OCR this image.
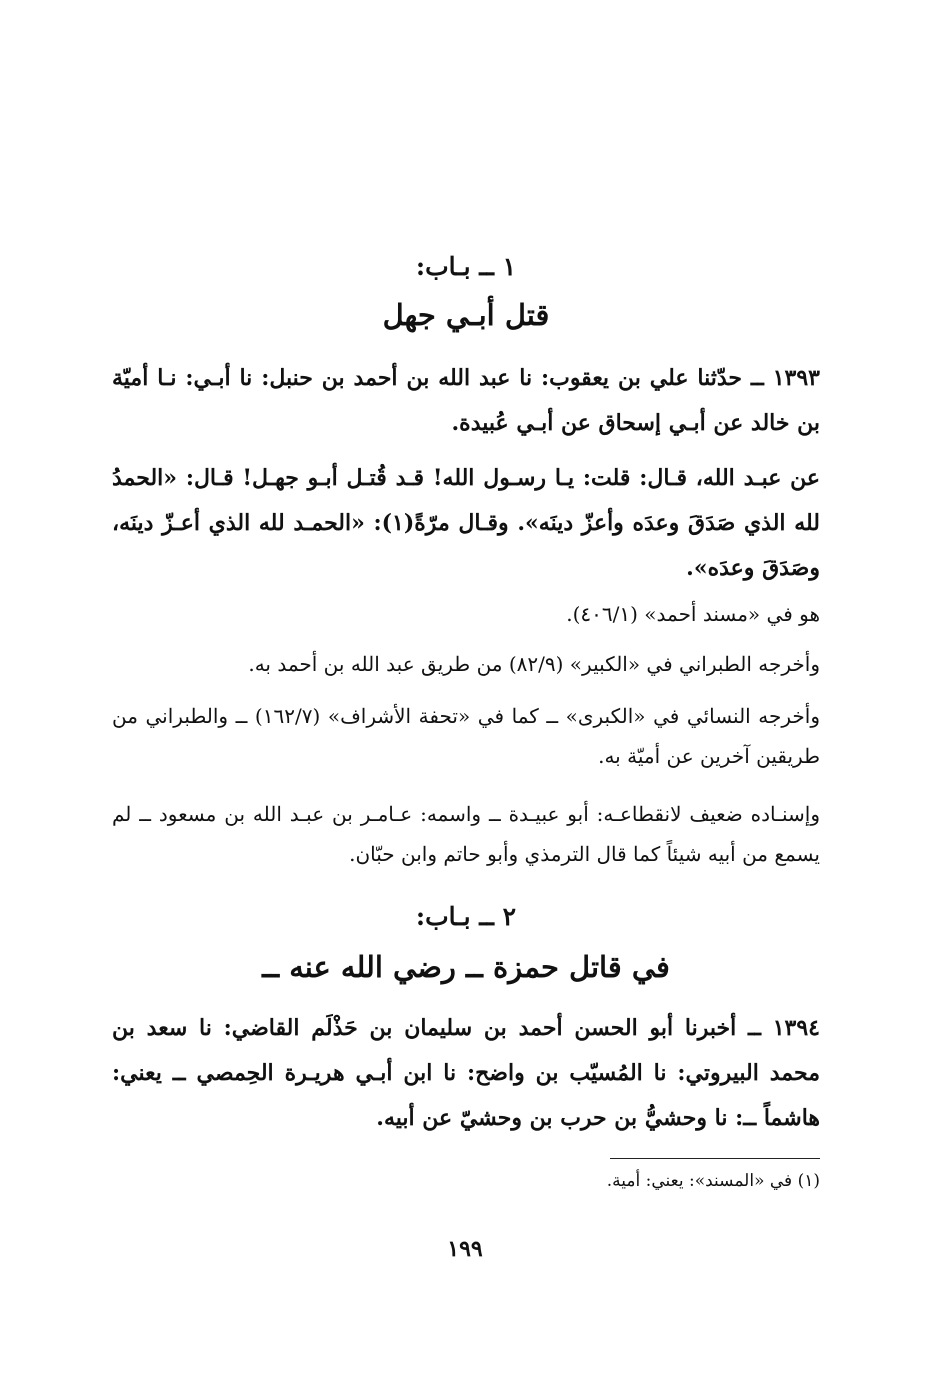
١ ــ بـاب:
قتل أبـي جهل

١٣٩٣ ــ حدّثنا علي بن يعقوب: نا عبد الله بن أحمد بن حنبل: نا أبـي: نـا أميّة بن خالد عن أبـي إسحاق عن أبـي عُبيدة.

عن عبـد الله، قـال: قلت: يـا رسـول الله! قـد قُتـل أبـو جهـل! قـال: «الحمدُ لله الذي صَدَقَ وعدَه وأعزّ دينَه». وقـال مرّةً(١): «الحمـد لله الذي أعـزّ دينَه، وصَدَقَ وعدَه».

هو في «مسند أحمد» (٤٠٦/١).

وأخرجه الطبراني في «الكبير» (٨٢/٩) من طريق عبد الله بن أحمد به.

وأخرجه النسائي في «الكبرى» ــ كما في «تحفة الأشراف» (١٦٢/٧) ــ والطبراني من طريقين آخرين عن أميّة به.

وإسنـاده ضعيف لانقطاعـه: أبو عبيـدة ــ واسمه: عـامـر بن عبـد الله بن مسعود ــ لم يسمع من أبيه شيئاً كما قال الترمذي وأبو حاتم وابن حبّان.

٢ ــ بـاب:
في قاتل حمزة ــ رضي الله عنه ــ

١٣٩٤ ــ أخبرنا أبو الحسن أحمد بن سليمان بن حَذْلَم القاضي: نا سعد بن محمد البيروتي: نا المُسيّب بن واضح: نا ابن أبـي هريـرة الحِمصي ــ يعني: هاشماً ــ: نا وحشيُّ بن حرب بن وحشيّ عن أبيه.

(١) في «المسند»: يعني: أمية.
١٩٩
